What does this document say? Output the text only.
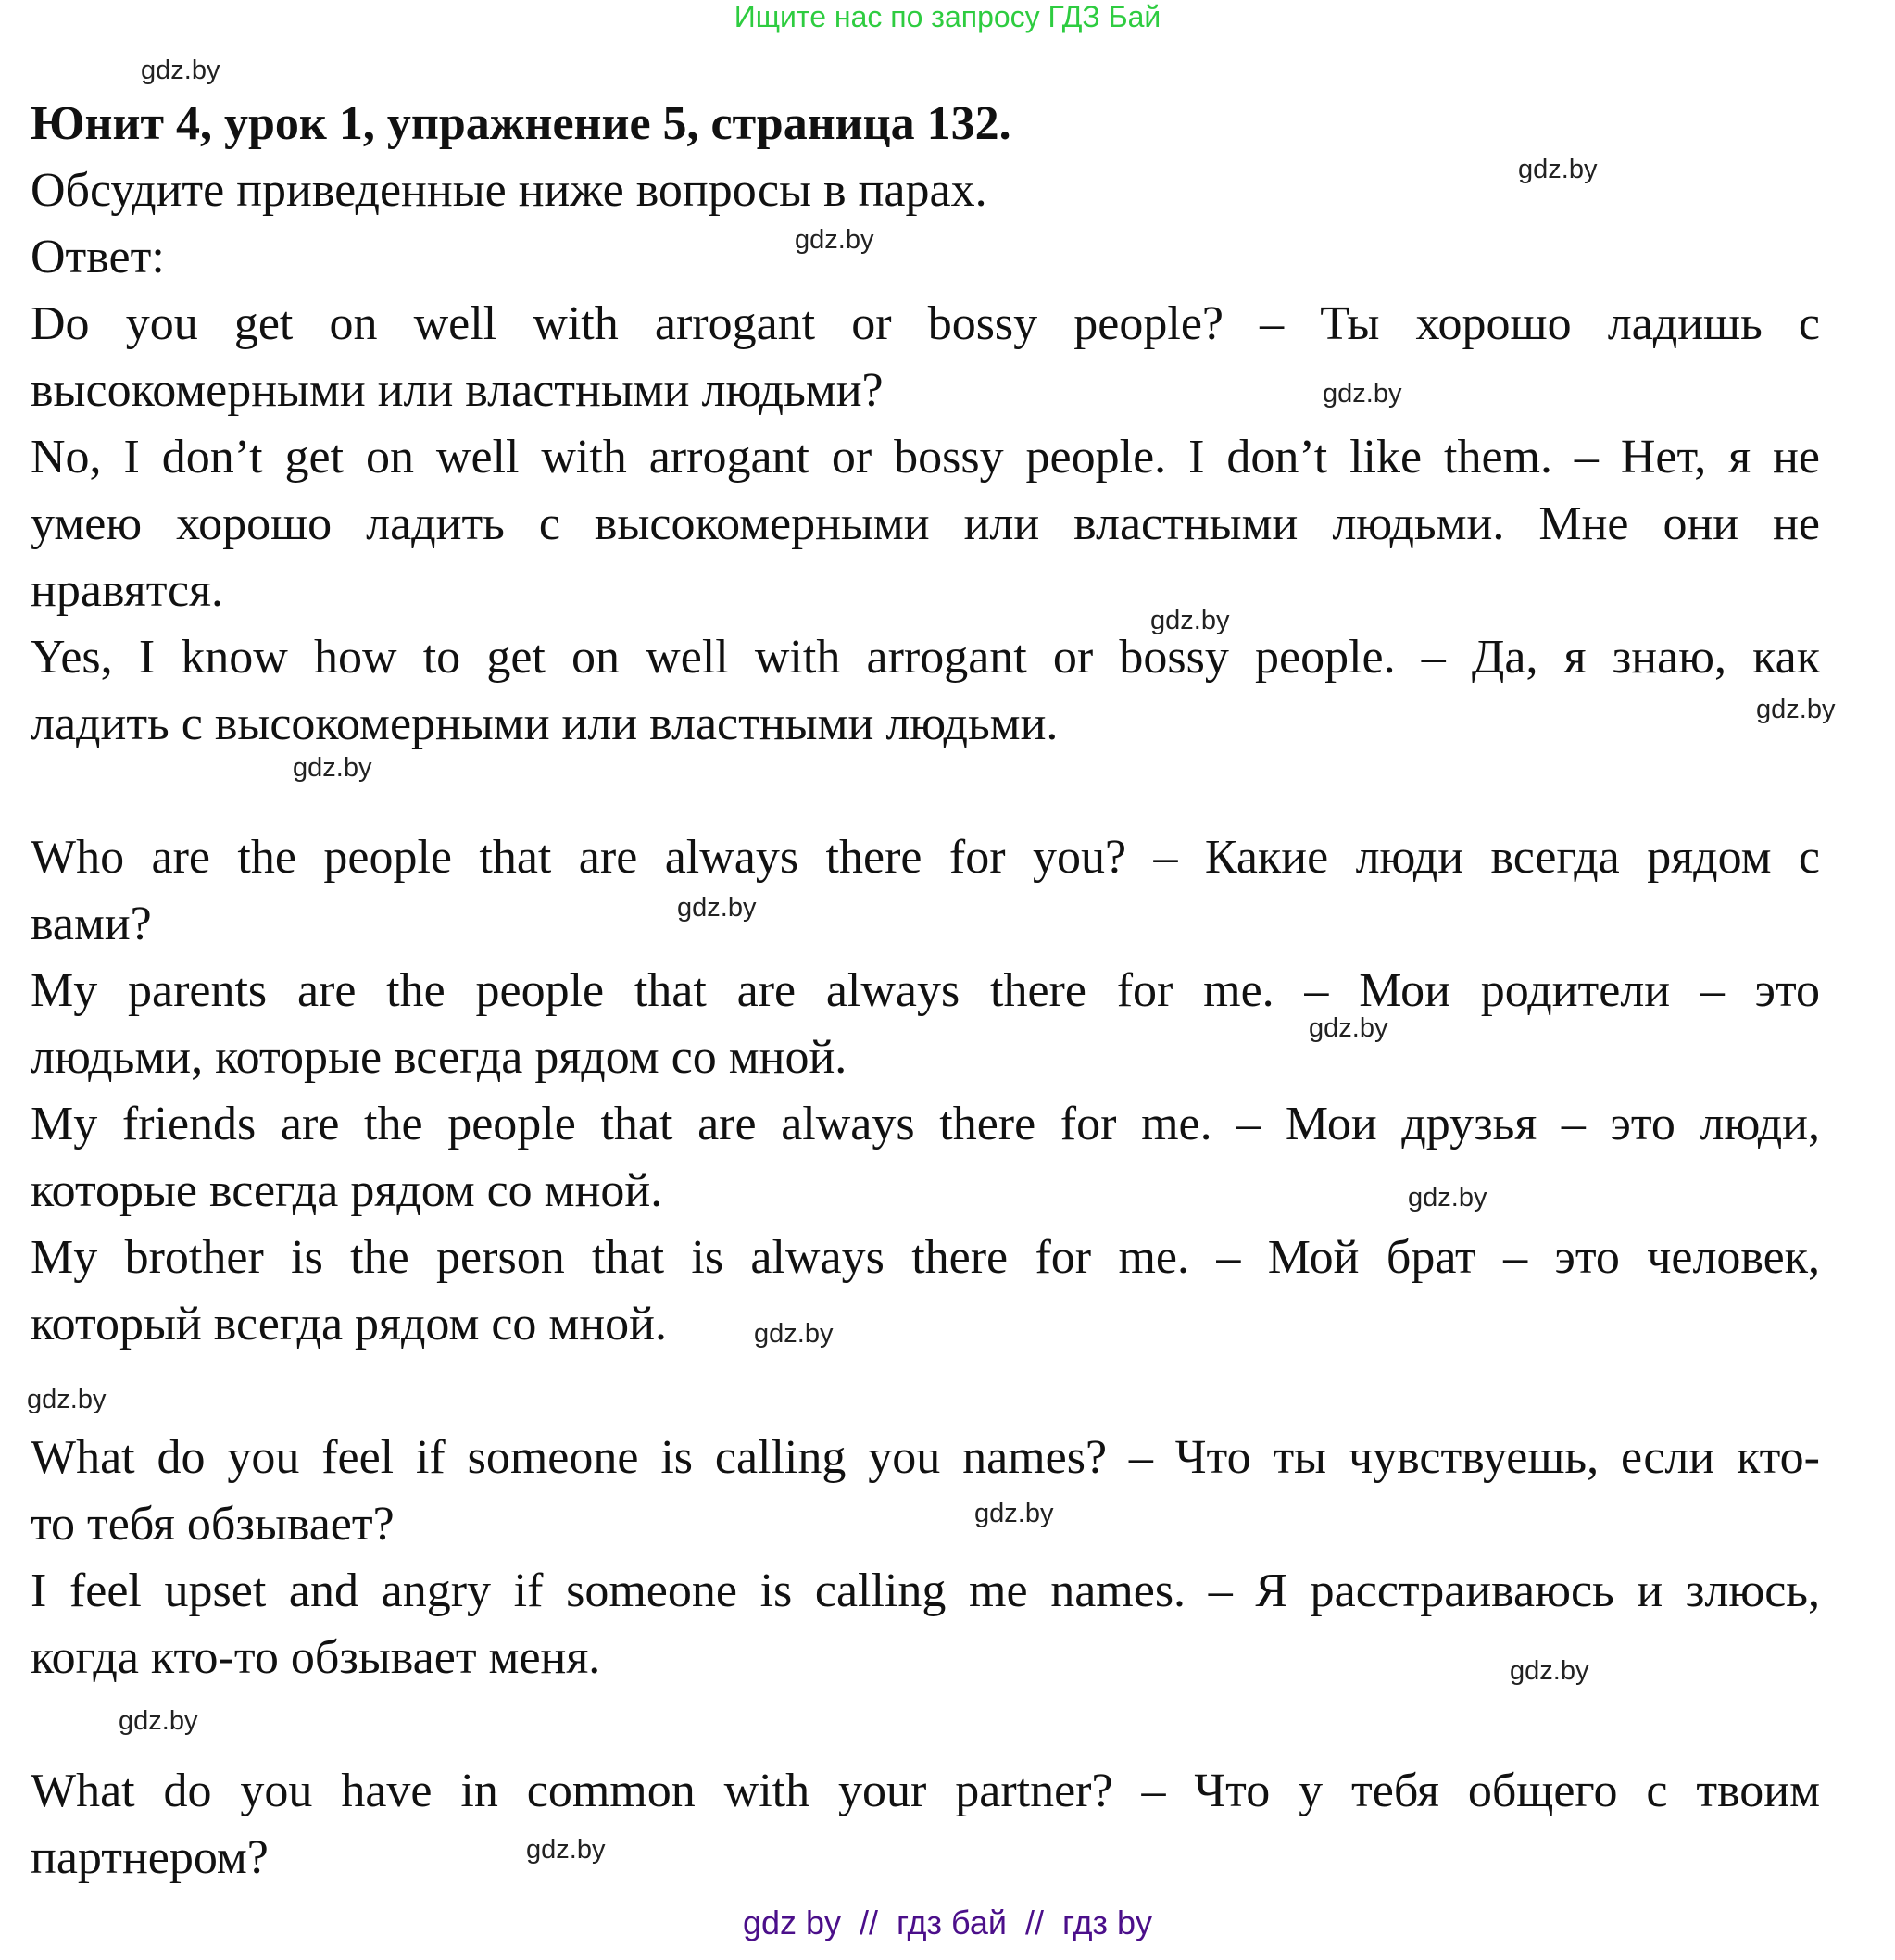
Ищите нас по запросу ГДЗ Бай
Юнит 4, урок 1, упражнение 5, страница 132.
Обсудите приведенные ниже вопросы в парах.
Ответ:
Do you get on well with arrogant or bossy people? – Ты хорошо ладишь с
высокомерными или властными людьми?
No, I don’t get on well with arrogant or bossy people. I don’t like them. – Нет, я не
умею хорошо ладить с высокомерными или властными людьми. Мне они не
нравятся.
Yes, I know how to get on well with arrogant or bossy people. – Да, я знаю, как
ладить с высокомерными или властными людьми.
Who are the people that are always there for you? – Какие люди всегда рядом с
вами?
My parents are the people that are always there for me. – Мои родители – это
людьми, которые всегда рядом со мной.
My friends are the people that are always there for me. – Мои друзья – это люди,
которые всегда рядом со мной.
My brother is the person that is always there for me. – Мой брат – это человек,
который всегда рядом со мной.
What do you feel if someone is calling you names? – Что ты чувствуешь, если кто-
то тебя обзывает?
I feel upset and angry if someone is calling me names. – Я расстраиваюсь и злюсь,
когда кто-то обзывает меня.
What do you have in common with your partner? – Что у тебя общего с твоим
партнером?
gdz.by
gdz.by
gdz.by
gdz.by
gdz.by
gdz.by
gdz.by
gdz.by
gdz.by
gdz.by
gdz.by
gdz.by
gdz.by
gdz.by
gdz.by
gdz.by
gdz by  //  гдз бай  //  гдз by
